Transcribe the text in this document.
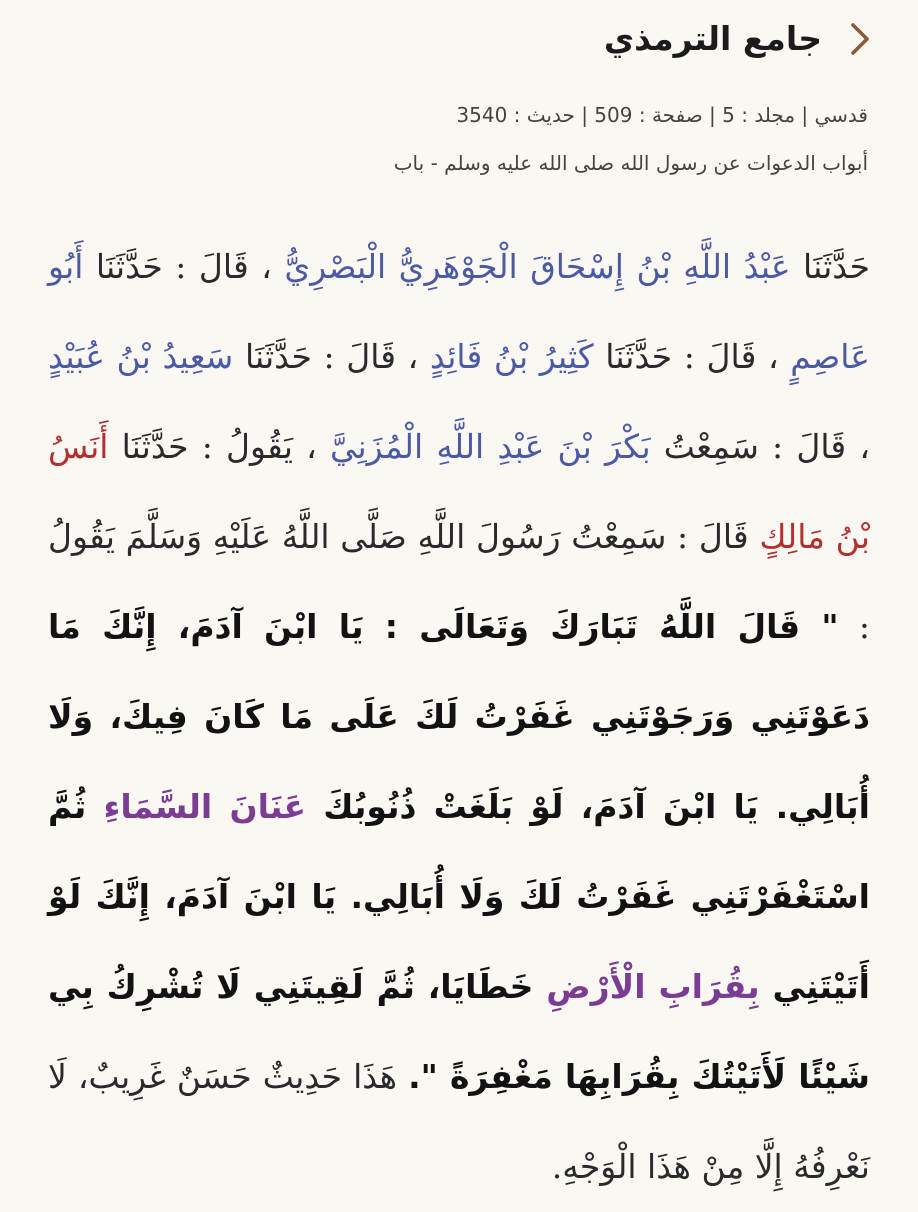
جامع الترمذي
قدسي | مجلد : 5 | صفحة : 509 | حديث : 3540
أبواب الدعوات عن رسول الله صلى الله عليه وسلم - باب
حَدَّثَنَا عَبْدُ اللَّهِ بْنُ إِسْحَاقَ الْجَوْهَرِيُّ الْبَصْرِيُّ ، قَالَ : حَدَّثَنَا أَبُو عَاصِمٍ ، قَالَ : حَدَّثَنَا كَثِيرُ بْنُ فَائِدٍ ، قَالَ : حَدَّثَنَا سَعِيدُ بْنُ عُبَيْدٍ ، قَالَ : سَمِعْتُ بَكْرَ بْنَ عَبْدِ اللَّهِ الْمُزَنِيَّ ، يَقُولُ : حَدَّثَنَا أَنَسُ بْنُ مَالِكٍ قَالَ : سَمِعْتُ رَسُولَ اللَّهِ صَلَّى اللَّهُ عَلَيْهِ وَسَلَّمَ يَقُولُ : " قَالَ اللَّهُ تَبَارَكَ وَتَعَالَى : يَا ابْنَ آدَمَ، إِنَّكَ مَا دَعَوْتَنِي وَرَجَوْتَنِي غَفَرْتُ لَكَ عَلَى مَا كَانَ فِيكَ، وَلَا أُبَالِي. يَا ابْنَ آدَمَ، لَوْ بَلَغَتْ ذُنُوبُكَ عَنَانَ السَّمَاءِ ثُمَّ اسْتَغْفَرْتَنِي غَفَرْتُ لَكَ وَلَا أُبَالِي. يَا ابْنَ آدَمَ، إِنَّكَ لَوْ أَتَيْتَنِي بِقُرَابِ الْأَرْضِ خَطَايَا، ثُمَّ لَقِيتَنِي لَا تُشْرِكُ بِي شَيْئًا لَأَتَيْتُكَ بِقُرَابِهَا مَغْفِرَةً ". هَذَا حَدِيثٌ حَسَنٌ غَرِيبٌ، لَا نَعْرِفُهُ إِلَّا مِنْ هَذَا الْوَجْهِ.
